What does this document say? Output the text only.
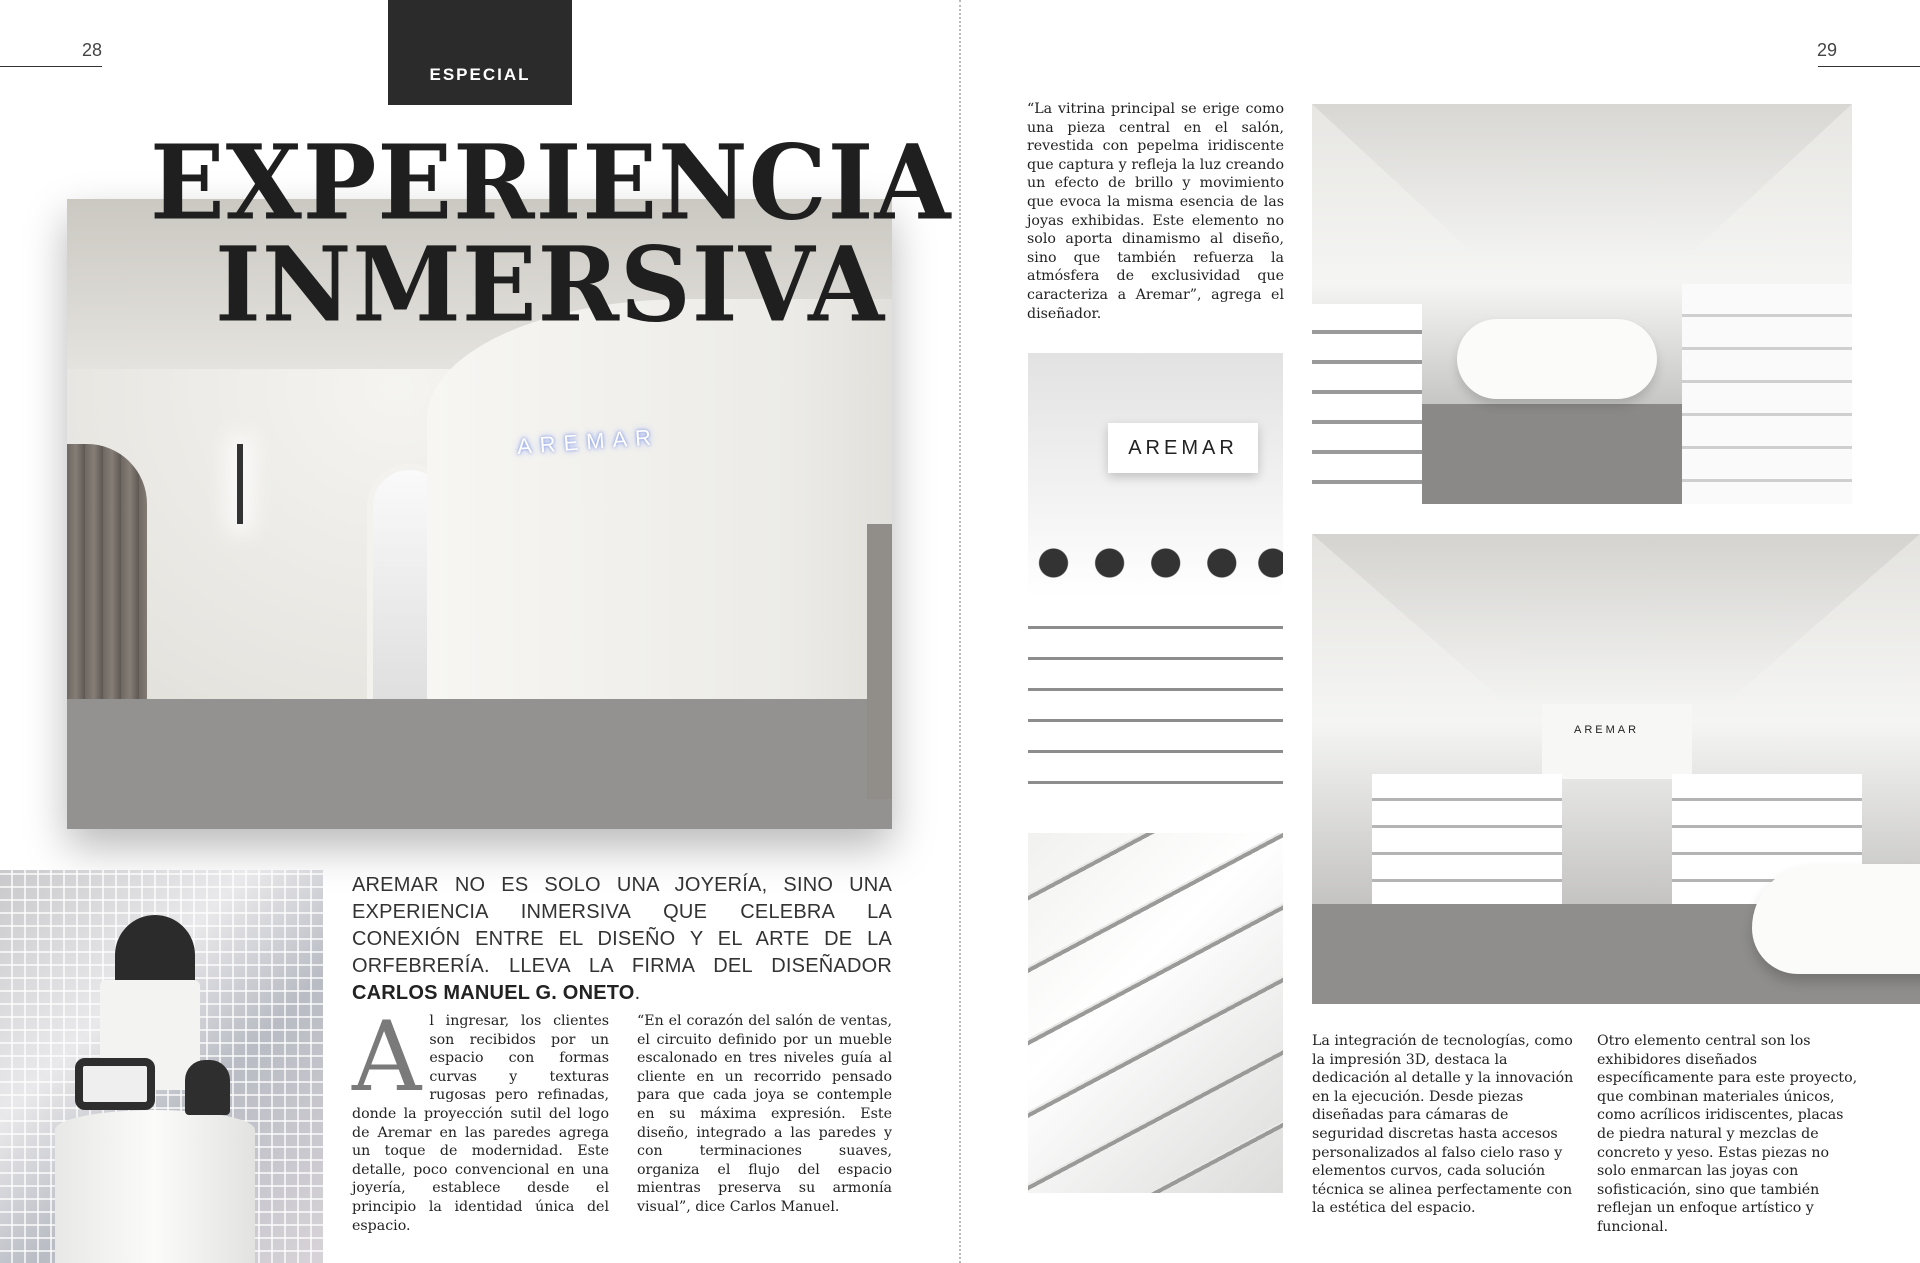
28	29
ESPECIAL
AREMAR
EXPERIENCIA
INMERSIVA
AREMAR NO ES SOLO UNA JOYERÍA, SINO UNA EXPERIENCIA INMERSIVA QUE CELEBRA LA CONEXIÓN ENTRE EL DISEÑO Y EL ARTE DE LA ORFEBRERÍA. LLEVA LA FIRMA DEL DISEÑADOR CARLOS MANUEL G. ONETO.
Al ingresar, los clientes son recibidos por un espacio con formas curvas y texturas rugosas pero refinadas, donde la proyección sutil del logo de Aremar en las paredes agrega un toque de modernidad. Este detalle, poco convencional en una joyería, establece desde el principio la identidad única del espacio.
“En el corazón del salón de ventas, el circuito definido por un mueble escalonado en tres niveles guía al cliente en un recorrido pensado para que cada joya se contemple en su máxima expresión. Este diseño, integrado a las paredes y con terminaciones suaves, organiza el flujo del espacio mientras preserva su armonía visual”, dice Carlos Manuel.
“La vitrina principal se erige como una pieza central en el salón, revestida con pepelma iridiscente que captura y refleja la luz creando un efecto de brillo y movimiento que evoca la misma esencia de las joyas exhibidas. Este elemento no solo aporta dinamismo al diseño, sino que también refuerza la atmósfera de exclusividad que caracteriza a Aremar”, agrega el diseñador.
AREMAR
AREMAR
La integración de tecnologías, como la impresión 3D, destaca la dedicación al detalle y la innovación en la ejecución. Desde piezas diseñadas para cámaras de seguridad discretas hasta accesos personalizados al falso cielo raso y elementos curvos, cada solución técnica se alinea perfectamente con la estética del espacio.
Otro elemento central son los exhibidores diseñados específicamente para este proyecto, que combinan materiales únicos, como acrílicos iridiscentes, placas de piedra natural y mezclas de concreto y yeso. Estas piezas no solo enmarcan las joyas con sofisticación, sino que también reflejan un enfoque artístico y funcional.
